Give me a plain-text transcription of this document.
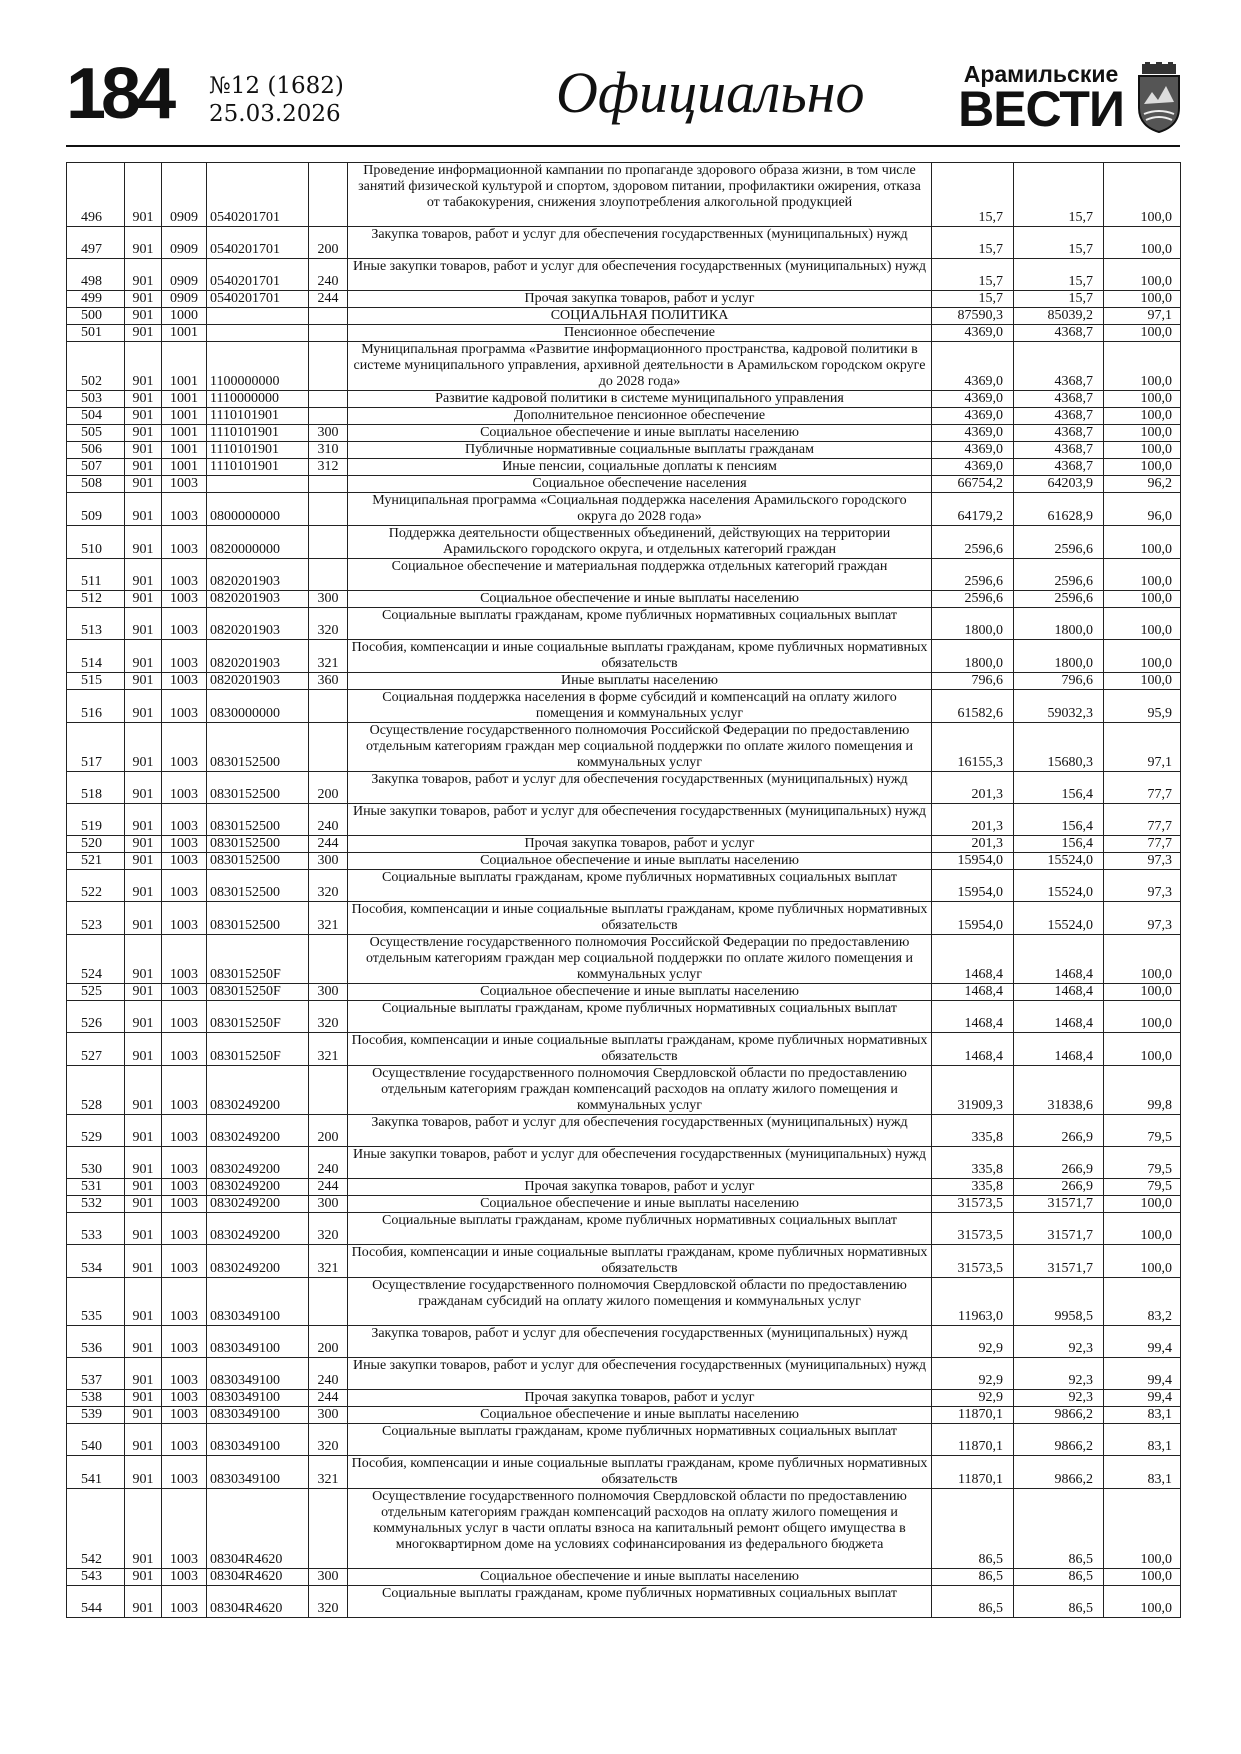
184 №12 (1682)
25.03.2026	Официально	Арамильские
ВЕСТИ
496	901	0909	0540201701		Проведение информационной кампании по пропаганде здорового образа жизни, в том числе занятий физической культурой и спортом, здоровом питании, профилактики ожирения, отказа от табакокурения, снижения злоупотребления алкогольной продукцией	15,7	15,7	100,0
497	901	0909	0540201701	200	Закупка товаров, работ и услуг для обеспечения государственных (муниципальных) нужд	15,7	15,7	100,0
498	901	0909	0540201701	240	Иные закупки товаров, работ и услуг для обеспечения государственных (муниципальных) нужд	15,7	15,7	100,0
499	901	0909	0540201701	244	Прочая закупка товаров, работ и услуг	15,7	15,7	100,0
500	901	1000			СОЦИАЛЬНАЯ ПОЛИТИКА	87590,3	85039,2	97,1
501	901	1001			Пенсионное обеспечение	4369,0	4368,7	100,0
502	901	1001	1100000000		Муниципальная программа «Развитие информационного пространства, кадровой политики в системе муниципального управления, архивной деятельности в Арамильском городском округе до 2028 года»	4369,0	4368,7	100,0
503	901	1001	1110000000		Развитие кадровой политики в системе муниципального управления	4369,0	4368,7	100,0
504	901	1001	1110101901		Дополнительное пенсионное обеспечение	4369,0	4368,7	100,0
505	901	1001	1110101901	300	Социальное обеспечение и иные выплаты населению	4369,0	4368,7	100,0
506	901	1001	1110101901	310	Публичные нормативные социальные выплаты гражданам	4369,0	4368,7	100,0
507	901	1001	1110101901	312	Иные пенсии, социальные доплаты к пенсиям	4369,0	4368,7	100,0
508	901	1003			Социальное обеспечение населения	66754,2	64203,9	96,2
509	901	1003	0800000000		Муниципальная программа «Социальная поддержка населения Арамильского городского округа до 2028 года»	64179,2	61628,9	96,0
510	901	1003	0820000000		Поддержка деятельности общественных объединений, действующих на территории Арамильского городского округа, и отдельных категорий граждан	2596,6	2596,6	100,0
511	901	1003	0820201903		Социальное обеспечение и материальная поддержка отдельных категорий граждан	2596,6	2596,6	100,0
512	901	1003	0820201903	300	Социальное обеспечение и иные выплаты населению	2596,6	2596,6	100,0
513	901	1003	0820201903	320	Социальные выплаты гражданам, кроме публичных нормативных социальных выплат	1800,0	1800,0	100,0
514	901	1003	0820201903	321	Пособия, компенсации и иные социальные выплаты гражданам, кроме публичных нормативных обязательств	1800,0	1800,0	100,0
515	901	1003	0820201903	360	Иные выплаты населению	796,6	796,6	100,0
516	901	1003	0830000000		Социальная поддержка населения в форме субсидий и компенсаций на оплату жилого помещения и коммунальных услуг	61582,6	59032,3	95,9
517	901	1003	0830152500		Осуществление государственного полномочия Российской Федерации по предоставлению отдельным категориям граждан мер социальной поддержки по оплате жилого помещения и коммунальных услуг	16155,3	15680,3	97,1
518	901	1003	0830152500	200	Закупка товаров, работ и услуг для обеспечения государственных (муниципальных) нужд	201,3	156,4	77,7
519	901	1003	0830152500	240	Иные закупки товаров, работ и услуг для обеспечения государственных (муниципальных) нужд	201,3	156,4	77,7
520	901	1003	0830152500	244	Прочая закупка товаров, работ и услуг	201,3	156,4	77,7
521	901	1003	0830152500	300	Социальное обеспечение и иные выплаты населению	15954,0	15524,0	97,3
522	901	1003	0830152500	320	Социальные выплаты гражданам, кроме публичных нормативных социальных выплат	15954,0	15524,0	97,3
523	901	1003	0830152500	321	Пособия, компенсации и иные социальные выплаты гражданам, кроме публичных нормативных обязательств	15954,0	15524,0	97,3
524	901	1003	083015250F		Осуществление государственного полномочия Российской Федерации по предоставлению отдельным категориям граждан мер социальной поддержки по оплате жилого помещения и коммунальных услуг	1468,4	1468,4	100,0
525	901	1003	083015250F	300	Социальное обеспечение и иные выплаты населению	1468,4	1468,4	100,0
526	901	1003	083015250F	320	Социальные выплаты гражданам, кроме публичных нормативных социальных выплат	1468,4	1468,4	100,0
527	901	1003	083015250F	321	Пособия, компенсации и иные социальные выплаты гражданам, кроме публичных нормативных обязательств	1468,4	1468,4	100,0
528	901	1003	0830249200		Осуществление государственного полномочия Свердловской области по предоставлению отдельным категориям граждан компенсаций расходов на оплату жилого помещения и коммунальных услуг	31909,3	31838,6	99,8
529	901	1003	0830249200	200	Закупка товаров, работ и услуг для обеспечения государственных (муниципальных) нужд	335,8	266,9	79,5
530	901	1003	0830249200	240	Иные закупки товаров, работ и услуг для обеспечения государственных (муниципальных) нужд	335,8	266,9	79,5
531	901	1003	0830249200	244	Прочая закупка товаров, работ и услуг	335,8	266,9	79,5
532	901	1003	0830249200	300	Социальное обеспечение и иные выплаты населению	31573,5	31571,7	100,0
533	901	1003	0830249200	320	Социальные выплаты гражданам, кроме публичных нормативных социальных выплат	31573,5	31571,7	100,0
534	901	1003	0830249200	321	Пособия, компенсации и иные социальные выплаты гражданам, кроме публичных нормативных обязательств	31573,5	31571,7	100,0
535	901	1003	0830349100		Осуществление государственного полномочия Свердловской области по предоставлению гражданам субсидий на оплату жилого помещения и коммунальных услуг	11963,0	9958,5	83,2
536	901	1003	0830349100	200	Закупка товаров, работ и услуг для обеспечения государственных (муниципальных) нужд	92,9	92,3	99,4
537	901	1003	0830349100	240	Иные закупки товаров, работ и услуг для обеспечения государственных (муниципальных) нужд	92,9	92,3	99,4
538	901	1003	0830349100	244	Прочая закупка товаров, работ и услуг	92,9	92,3	99,4
539	901	1003	0830349100	300	Социальное обеспечение и иные выплаты населению	11870,1	9866,2	83,1
540	901	1003	0830349100	320	Социальные выплаты гражданам, кроме публичных нормативных социальных выплат	11870,1	9866,2	83,1
541	901	1003	0830349100	321	Пособия, компенсации и иные социальные выплаты гражданам, кроме публичных нормативных обязательств	11870,1	9866,2	83,1
542	901	1003	08304R4620		Осуществление государственного полномочия Свердловской области по предоставлению отдельным категориям граждан компенсаций расходов на оплату жилого помещения и коммунальных услуг в части оплаты взноса на капитальный ремонт общего имущества в многоквартирном доме на условиях софинансирования из федерального бюджета	86,5	86,5	100,0
543	901	1003	08304R4620	300	Социальное обеспечение и иные выплаты населению	86,5	86,5	100,0
544	901	1003	08304R4620	320	Социальные выплаты гражданам, кроме публичных нормативных социальных выплат	86,5	86,5	100,0
